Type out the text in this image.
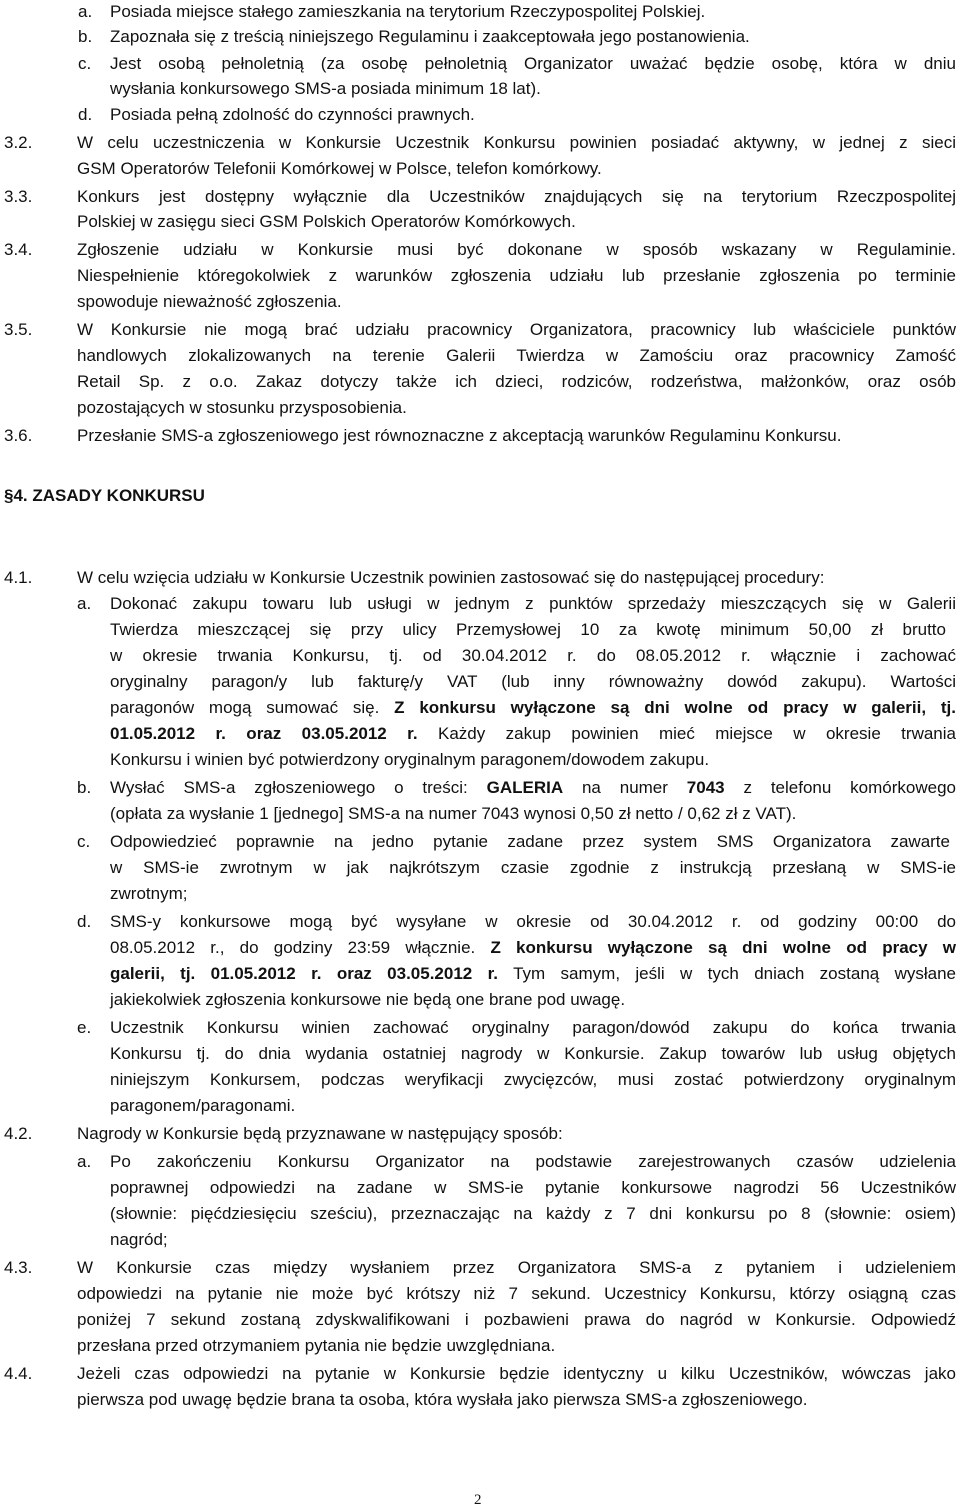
a. Posiada miejsce stałego zamieszkania na terytorium Rzeczypospolitej Polskiej.
b. Zapoznała się z treścią niniejszego Regulaminu i zaakceptowała jego postanowienia.
c. Jest osobą pełnoletnią (za osobę pełnoletnią Organizator uważać będzie osobę, która w dniu
wysłania konkursowego SMS-a posiada minimum 18 lat).
d. Posiada pełną zdolność do czynności prawnych.
3.2.	W celu uczestniczenia w Konkursie Uczestnik Konkursu powinien posiadać aktywny, w jednej z sieci
GSM Operatorów Telefonii Komórkowej w Polsce, telefon komórkowy.
3.3.	Konkurs jest dostępny wyłącznie dla Uczestników znajdujących się na terytorium Rzeczpospolitej
Polskiej w zasięgu sieci GSM Polskich Operatorów Komórkowych.
3.4.	Zgłoszenie udziału w Konkursie musi być dokonane w sposób wskazany w Regulaminie.
Niespełnienie któregokolwiek z warunków zgłoszenia udziału lub przesłanie zgłoszenia po terminie
spowoduje nieważność zgłoszenia.
3.5.	W Konkursie nie mogą brać udziału pracownicy Organizatora, pracownicy lub właściciele punktów
handlowych zlokalizowanych na terenie Galerii Twierdza w Zamościu oraz pracownicy Zamość
Retail Sp. z o.o. Zakaz dotyczy także ich dzieci, rodziców, rodzeństwa, małżonków, oraz osób
pozostających w stosunku przysposobienia.
3.6.	Przesłanie SMS-a zgłoszeniowego jest równoznaczne z akceptacją warunków Regulaminu Konkursu.
§4. ZASADY KONKURSU
4.1.	W celu wzięcia udziału w Konkursie Uczestnik powinien zastosować się do następującej procedury:
a. Dokonać zakupu towaru lub usługi w jednym z punktów sprzedaży mieszczących się w Galerii
Twierdza mieszczącej się przy ulicy Przemysłowej 10 za kwotę minimum 50,00 zł brutto
w okresie trwania Konkursu, tj. od 30.04.2012 r. do 08.05.2012 r. włącznie i zachować
oryginalny paragon/y lub fakturę/y VAT (lub inny równoważny dowód zakupu). Wartości
paragonów mogą sumować się. Z konkursu wyłączone są dni wolne od pracy w galerii, tj.
01.05.2012 r. oraz 03.05.2012 r. Każdy zakup powinien mieć miejsce w okresie trwania
Konkursu i winien być potwierdzony oryginalnym paragonem/dowodem zakupu.
b. Wysłać SMS-a zgłoszeniowego o treści: GALERIA na numer 7043 z telefonu komórkowego
(opłata za wysłanie 1 [jednego] SMS-a na numer 7043 wynosi 0,50 zł netto / 0,62 zł z VAT).
c. Odpowiedzieć poprawnie na jedno pytanie zadane przez system SMS Organizatora zawarte
w SMS-ie zwrotnym w jak najkrótszym czasie zgodnie z instrukcją przesłaną w SMS-ie
zwrotnym;
d. SMS-y konkursowe mogą być wysyłane w okresie od 30.04.2012 r. od godziny 00:00 do
08.05.2012 r., do godziny 23:59 włącznie. Z konkursu wyłączone są dni wolne od pracy w
galerii, tj. 01.05.2012 r. oraz 03.05.2012 r. Tym samym, jeśli w tych dniach zostaną wysłane
jakiekolwiek zgłoszenia konkursowe nie będą one brane pod uwagę.
e. Uczestnik Konkursu winien zachować oryginalny paragon/dowód zakupu do końca trwania
Konkursu tj. do dnia wydania ostatniej nagrody w Konkursie. Zakup towarów lub usług objętych
niniejszym Konkursem, podczas weryfikacji zwycięzców, musi zostać potwierdzony oryginalnym
paragonem/paragonami.
4.2.	Nagrody w Konkursie będą przyznawane w następujący sposób:
a. Po zakończeniu Konkursu Organizator na podstawie zarejestrowanych czasów udzielenia
poprawnej odpowiedzi na zadane w SMS-ie pytanie konkursowe nagrodzi 56 Uczestników
(słownie: pięćdziesięciu sześciu), przeznaczając na każdy z 7 dni konkursu po 8 (słownie: osiem)
nagród;
4.3.	W Konkursie czas między wysłaniem przez Organizatora SMS-a z pytaniem i udzieleniem
odpowiedzi na pytanie nie może być krótszy niż 7 sekund. Uczestnicy Konkursu, którzy osiągną czas
poniżej 7 sekund zostaną zdyskwalifikowani i pozbawieni prawa do nagród w Konkursie. Odpowiedź
przesłana przed otrzymaniem pytania nie będzie uwzględniana.
4.4.	Jeżeli czas odpowiedzi na pytanie w Konkursie będzie identyczny u kilku Uczestników, wówczas jako
pierwsza pod uwagę będzie brana ta osoba, która wysłała jako pierwsza SMS-a zgłoszeniowego.
2
